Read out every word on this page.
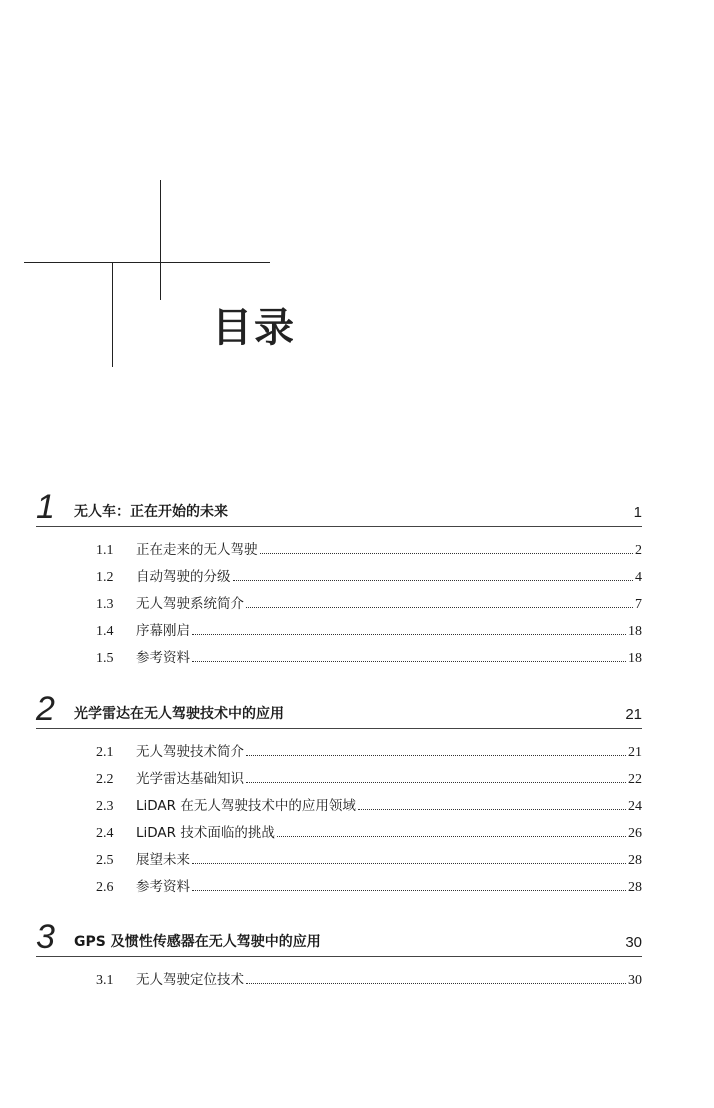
目录
1 无人车：正在开始的未来	1
1.1	正在走来的无人驾驶	2
1.2	自动驾驶的分级	4
1.3	无人驾驶系统简介	7
1.4	序幕刚启	18
1.5	参考资料	18
2 光学雷达在无人驾驶技术中的应用	21
2.1	无人驾驶技术简介	21
2.2	光学雷达基础知识	22
2.3	LiDAR 在无人驾驶技术中的应用领域	24
2.4	LiDAR 技术面临的挑战	26
2.5	展望未来	28
2.6	参考资料	28
3 GPS 及惯性传感器在无人驾驶中的应用	30
3.1	无人驾驶定位技术	30
